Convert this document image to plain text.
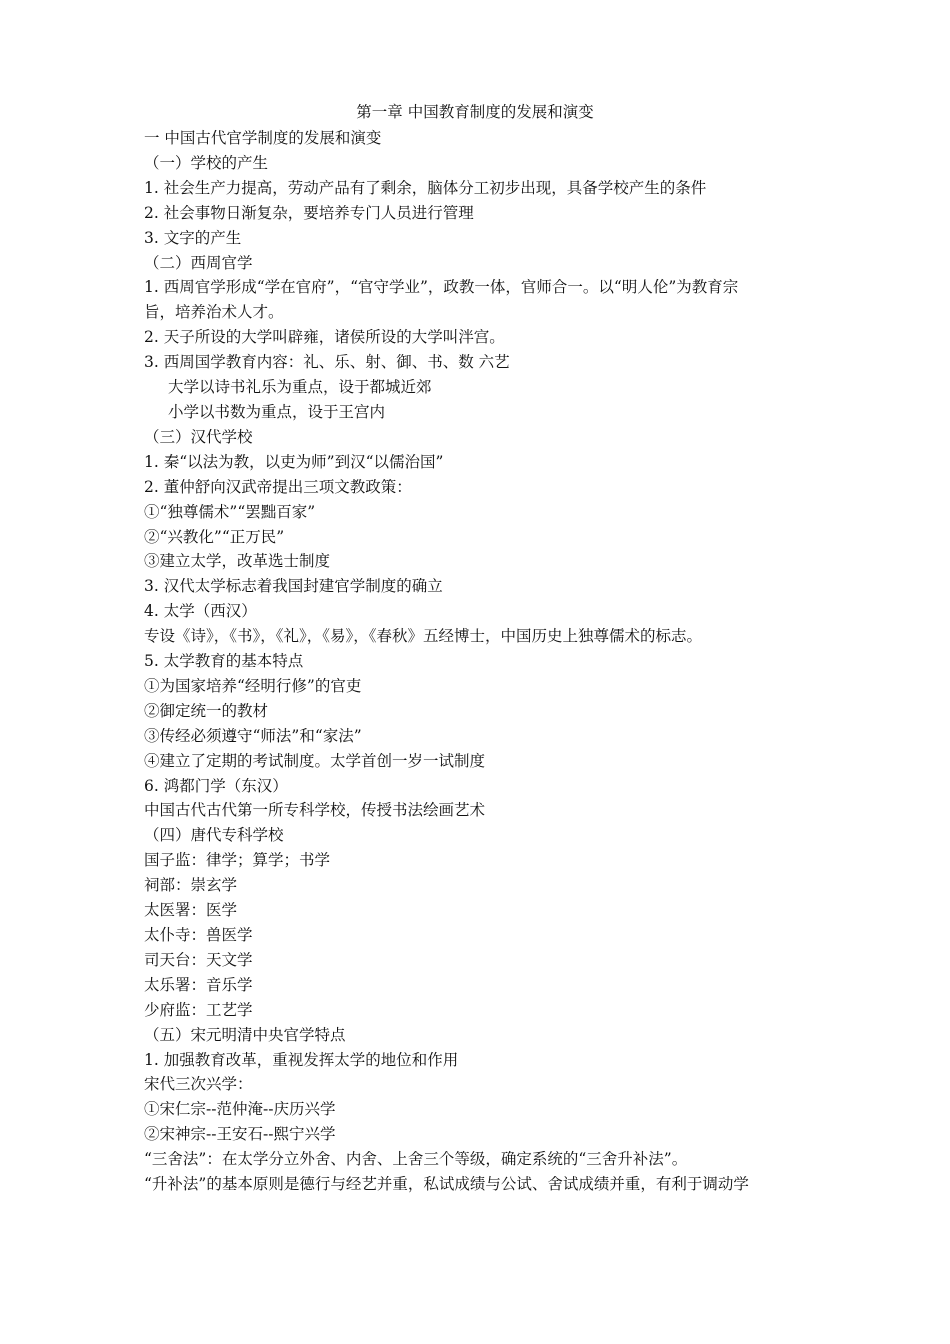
第一章 中国教育制度的发展和演变
一 中国古代官学制度的发展和演变
（一）学校的产生
1. 社会生产力提高，劳动产品有了剩余，脑体分工初步出现，具备学校产生的条件
2. 社会事物日渐复杂，要培养专门人员进行管理
3. 文字的产生
（二）西周官学
1. 西周官学形成“学在官府”，“官守学业”，政教一体，官师合一。以“明人伦”为教育宗
旨，培养治术人才。
2. 天子所设的大学叫辟雍，诸侯所设的大学叫泮宫。
3. 西周国学教育内容：礼、乐、射、御、书、数 六艺
大学以诗书礼乐为重点，设于都城近郊
小学以书数为重点，设于王宫内
（三）汉代学校
1. 秦“以法为教，以吏为师”到汉“以儒治国”
2. 董仲舒向汉武帝提出三项文教政策：
①“独尊儒术”“罢黜百家”
②“兴教化”“正万民”
③建立太学，改革选士制度
3. 汉代太学标志着我国封建官学制度的确立
4. 太学（西汉）
专设《诗》，《书》，《礼》，《易》，《春秋》五经博士，中国历史上独尊儒术的标志。
5. 太学教育的基本特点
①为国家培养“经明行修”的官吏
②御定统一的教材
③传经必须遵守“师法”和“家法”
④建立了定期的考试制度。太学首创一岁一试制度
6. 鸿都门学（东汉）
中国古代古代第一所专科学校，传授书法绘画艺术
（四）唐代专科学校
国子监：律学；算学；书学
祠部：崇玄学
太医署：医学
太仆寺：兽医学
司天台：天文学
太乐署：音乐学
少府监：工艺学
（五）宋元明清中央官学特点
1. 加强教育改革，重视发挥太学的地位和作用
宋代三次兴学：
①宋仁宗--范仲淹--庆历兴学
②宋神宗--王安石--熙宁兴学
“三舍法”：在太学分立外舍、内舍、上舍三个等级，确定系统的“三舍升补法”。
“升补法”的基本原则是德行与经艺并重，私试成绩与公试、舍试成绩并重，有利于调动学
